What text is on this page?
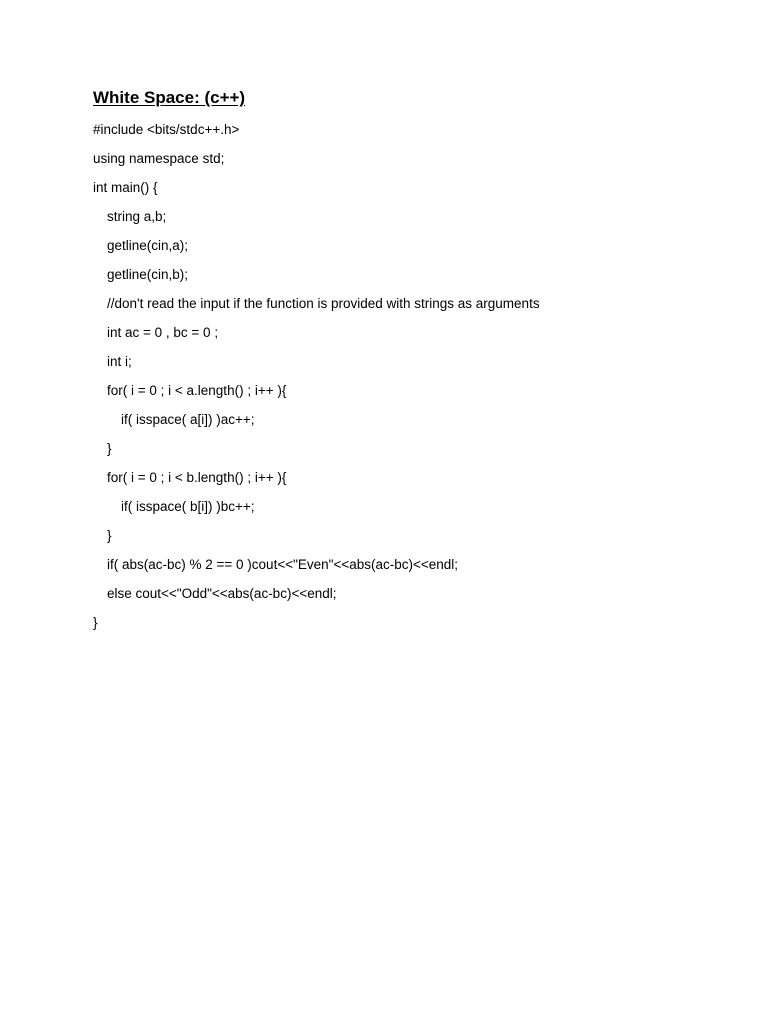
White Space: (c++)
#include <bits/stdc++.h>
using namespace std;
int main() {
string a,b;
getline(cin,a);
getline(cin,b);
//don't read the input if the function is provided with strings as arguments
int ac = 0 , bc = 0 ;
int i;
for( i = 0 ; i < a.length() ; i++ ){
if( isspace( a[i]) )ac++;
}
for( i = 0 ; i < b.length() ; i++ ){
if( isspace( b[i]) )bc++;
}
if( abs(ac-bc) % 2 == 0 )cout<<"Even"<<abs(ac-bc)<<endl;
else cout<<"Odd"<<abs(ac-bc)<<endl;
}
